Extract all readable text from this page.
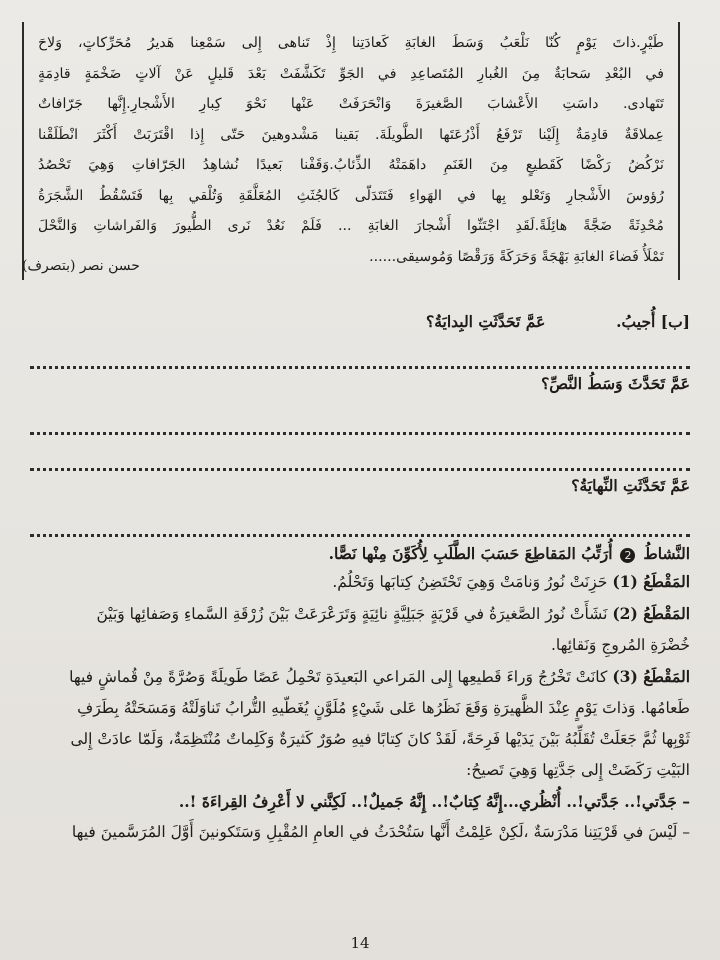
طَيْرٍ.ذاتَ يَوْمٍ كُنّا نَلْعَبُ وَسَطَ الغابَةِ كَعادَتِنا إِذْ تَناهى إِلى سَمْعِنا هَديرُ مُحَرِّكاتٍ، وَلاحَ
في البُعْدِ سَحابَةٌ مِنَ الغُبارِ المُتَصاعِدِ في الجَوِّ تَكَشَّفَتْ بَعْدَ قَليلٍ عَنْ آلاتٍ ضَخْمَةٍ قادِمَةٍ
تَتَهادى. داسَتِ الأَعْشابَ الصَّغيرَةَ وَانْحَرَفَتْ عَنْها نَحْوَ كِبارِ الأَشْجارِ.إِنَّها جَرّافاتٌ
عِملاقَةٌ قادِمَةٌ إِلَيْنا تَرْفَعُ أَذْرُعَتَها الطَّويلَةَ. بَقينا مَشْدوهينَ حَتّى إِذا اقْتَرَبَتْ أَكْثَرَ انْطَلَقْنا
نَرْكُضُ رَكْضًا كَقَطيعٍ مِنَ الغَنَمِ داهَمَتْهُ الذِّئابُ.وَقَفْنا بَعيدًا نُشاهِدُ الجَرّافاتِ وَهِيَ تَحْصُدُ
رُؤوسَ الأَشْجارِ وَتَعْلو بِها في الهَواءِ فَتَتَدَلّى كَالجُثَثِ المُعَلَّقَةِ وَتُلْقي بِها فَتَسْقُطُ الشَّجَرَةُ
مُحْدِثَةً ضَجَّةً هائِلَةً.لَقَدِ اجْتَثّوا أَشْجارَ الغابَةِ ... فَلَمْ نَعُدْ نَرى الطُّيورَ وَالفَراشاتِ وَالنَّحْلَ
تَمْلَأُ فَضاءَ الغابَةِ بَهْجَةً وَحَرَكَةً وَرَقْصًا وَمُوسيقى......
حسن نصر (بتصرف)
[ب] أُجيبُ.  عَمَّ تَحَدَّثَتِ البِدايَةُ؟
عَمَّ تَحَدَّثَ وَسَطُ النَّصِّ؟
عَمَّ تَحَدَّثَتِ النِّهايَةُ؟
النَّشاطُ 2 أُرَتِّبُ المَقاطِعَ حَسَبَ الطَّلَبِ لِأُكَوِّنَ مِنْها نَصًّا.
المَقْطَعُ (1) حَزِنَتْ نُورُ وَنامَتْ وَهِيَ تَحْتَضِنُ كِتابَها وَتَحْلُمُ.
المَقْطَعُ (2) نَشَأَتْ نُورُ الصَّغيرَةُ في قَرْيَةٍ جَبَلِيَّةٍ نائِيَةٍ وَتَرَعْرَعَتْ بَيْنَ زُرْقَةِ السَّماءِ وَصَفائِها وَبَيْنَ
خُضْرَةِ المُروجِ وَنَقائِها.
المَقْطَعُ (3) كانَتْ تَخْرُجُ وَراءَ قَطيعِها إِلى المَراعي البَعيدَةِ تَحْمِلُ عَصًا طَويلَةً وَصُرَّةً مِنْ قُماشٍ فيها
طَعامُها. وَذاتَ يَوْمٍ عِنْدَ الظَّهيرَةِ وَقَعَ نَظَرُها عَلى شَيْءٍ مُلَوَّنٍ يُغَطّيهِ التُّرابُ تَناوَلَتْهُ وَمَسَحَتْهُ بِطَرَفِ
ثَوْبِها ثُمَّ جَعَلَتْ تُقَلِّبُهُ بَيْنَ يَدَيْها فَرِحَةً، لَقَدْ كانَ كِتابًا فيهِ صُوَرٌ كَثيرَةٌ وَكَلِماتٌ مُنْتَظِمَةٌ، وَلَمّا عادَتْ إِلى
البَيْتِ رَكَضَتْ إِلى جَدَّتِها وَهِيَ تَصيحُ:
– جَدَّتي!.. جَدَّتي!.. أُنْظُري...إِنَّهُ كِتابٌ!.. إِنَّهُ جَميلٌ!.. لَكِنَّني لا أَعْرِفُ القِراءَةَ !..
– لَيْسَ في قَرْيَتِنا مَدْرَسَةٌ ،لَكِنْ عَلِمْتُ أَنَّها سَتُحْدَثُ في العامِ المُقْبِلِ وَسَتَكونينَ أَوَّلَ المُرَسَّمينَ فيها
14
